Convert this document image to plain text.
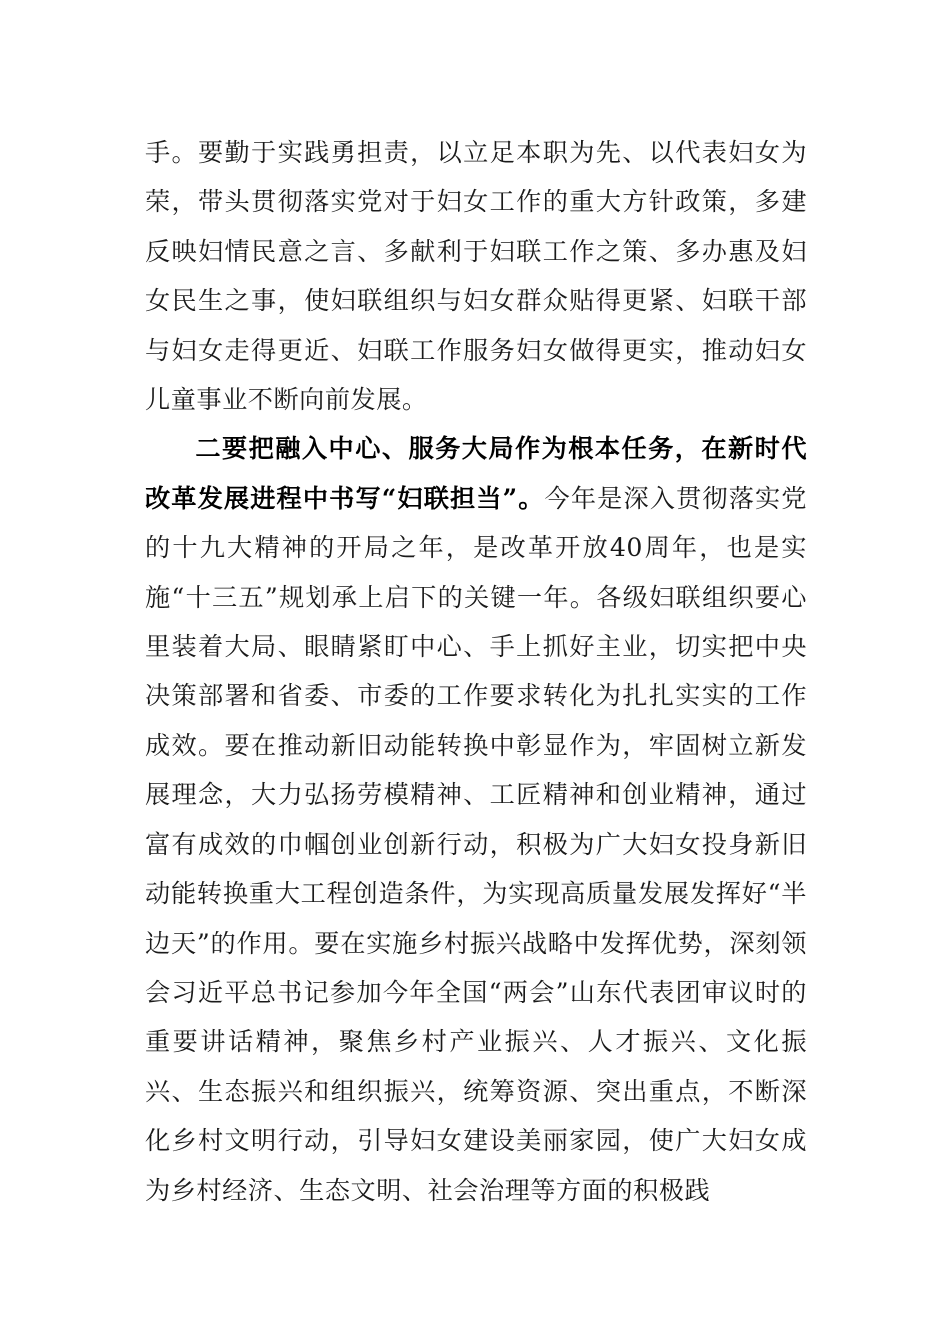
手。要勤于实践勇担责，以立足本职为先、以代表妇女为荣，带头贯彻落实党对于妇女工作的重大方针政策，多建反映妇情民意之言、多献利于妇联工作之策、多办惠及妇女民生之事，使妇联组织与妇女群众贴得更紧、妇联干部与妇女走得更近、妇联工作服务妇女做得更实，推动妇女儿童事业不断向前发展。

二要把融入中心、服务大局作为根本任务，在新时代改革发展进程中书写“妇联担当”。今年是深入贯彻落实党的十九大精神的开局之年，是改革开放40周年，也是实施“十三五”规划承上启下的关键一年。各级妇联组织要心里装着大局、眼睛紧盯中心、手上抓好主业，切实把中央决策部署和省委、市委的工作要求转化为扎扎实实的工作成效。要在推动新旧动能转换中彰显作为，牢固树立新发展理念，大力弘扬劳模精神、工匠精神和创业精神，通过富有成效的巾帼创业创新行动，积极为广大妇女投身新旧动能转换重大工程创造条件，为实现高质量发展发挥好“半边天”的作用。要在实施乡村振兴战略中发挥优势，深刻领会习近平总书记参加今年全国“两会”山东代表团审议时的重要讲话精神，聚焦乡村产业振兴、人才振兴、文化振兴、生态振兴和组织振兴，统筹资源、突出重点，不断深化乡村文明行动，引导妇女建设美丽家园，使广大妇女成为乡村经济、生态文明、社会治理等方面的积极践
